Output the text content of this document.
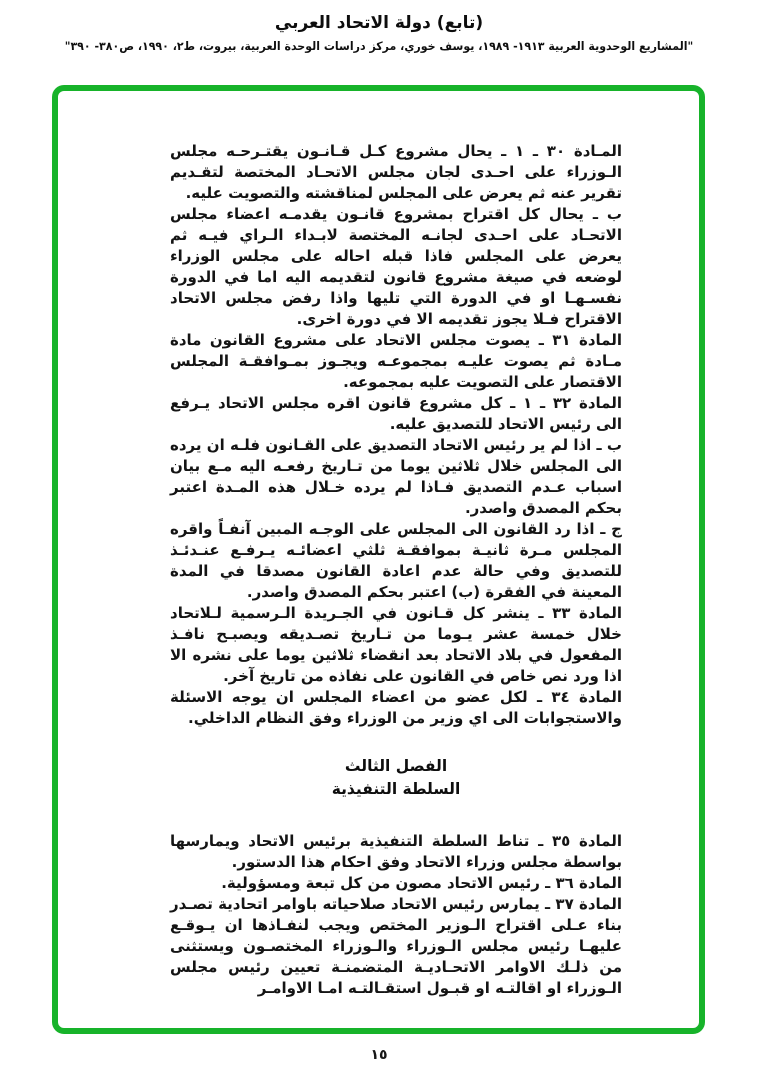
(تابع) دولة الاتحاد العربي
"المشاريع الوحدوية العربية ١٩١٣- ١٩٨٩، يوسف خوري، مركز دراسات الوحدة العربية، بيروت، ط٢، ١٩٩٠، ص٣٨٠- ٣٩٠"

المـادة ٣٠ ـ ١ ـ يحال مشروع كـل قـانـون يقتـرحـه مجلس الـوزراء على احـدى لجان مجلس الاتحـاد المختصة لتقـديم تقرير عنه ثم يعرض على المجلس لمناقشته والتصويت عليه.

ب ـ يحال كل اقتراح بمشروع قانـون يقدمـه اعضاء مجلس الاتحـاد على احـدى لجانـه المختصة لابـداء الـراي فيـه ثم يعرض على المجلس فاذا قبله احاله على مجلس الوزراء لوضعه في صيغة مشروع قانون لتقديمه اليه اما في الدورة نفسـهـا او في الدورة التي تليها واذا رفض مجلس الاتحاد الاقتراح فـلا يجوز تقديمه الا في دورة اخرى.

المادة ٣١ ـ يصوت مجلس الاتحاد على مشروع القانون مادة مـادة ثم يصوت عليـه بمجموعـه ويجـوز بمـوافقـة المجلس الاقتصار على التصويت عليه بمجموعه.

المادة ٣٢ ـ ١ ـ كل مشروع قانون اقره مجلس الاتحاد يـرفع الى رئيس الاتحاد للتصديق عليه.

ب ـ اذا لم ير رئيس الاتحاد التصديق على القـانون فلـه ان يرده الى المجلس خلال ثلاثين يوما من تـاريخ رفعـه اليه مـع بيان اسباب عـدم التصديق فـاذا لم يرده خـلال هذه المـدة اعتبر بحكم المصدق واصدر.

ج ـ اذا رد القانون الى المجلس على الوجـه المبين آنفـاً واقره المجلس مـرة ثانيـة بموافقـة ثلثي اعضائـه يـرفـع عنـدئـذ للتصديق وفي حالة عدم اعادة القانون مصدقا في المدة المعينة في الفقرة (ب) اعتبر بحكم المصدق واصدر.

المادة ٣٣ ـ ينشر كل قـانون في الجـريدة الـرسمية لـلاتحاد خلال خمسة عشر يـوما من تـاريخ تصـديقه ويصبـح نافـذ المفعول في بلاد الاتحاد بعد انقضاء ثلاثين يوما على نشره الا اذا ورد نص خاص في القانون على نفاذه من تاريخ آخر.

المادة ٣٤ ـ لكل عضو من اعضاء المجلس ان يوجه الاسئلة والاستجوابات الى اي وزير من الوزراء وفق النظام الداخلي.

الفصل الثالث
السلطة التنفيذية

المادة ٣٥ ـ تناط السلطة التنفيذية برئيس الاتحاد ويمارسها بواسطة مجلس وزراء الاتحاد وفق احكام هذا الدستور.

المادة ٣٦ ـ رئيس الاتحاد مصون من كل تبعة ومسؤولية.

المادة ٣٧ ـ يمارس رئيس الاتحاد صلاحياته باوامر اتحادية تصـدر بناء عـلى اقتراح الـوزير المختص ويجب لنفـاذها ان يـوقـع عليهـا رئيس مجلس الـوزراء والـوزراء المختصـون ويستثنى من ذلـك الاوامر الاتحـاديـة المتضمنـة تعيين رئيس مجلس الـوزراء او اقالتـه او قبـول استقـالتـه امـا الاوامـر

١٥
